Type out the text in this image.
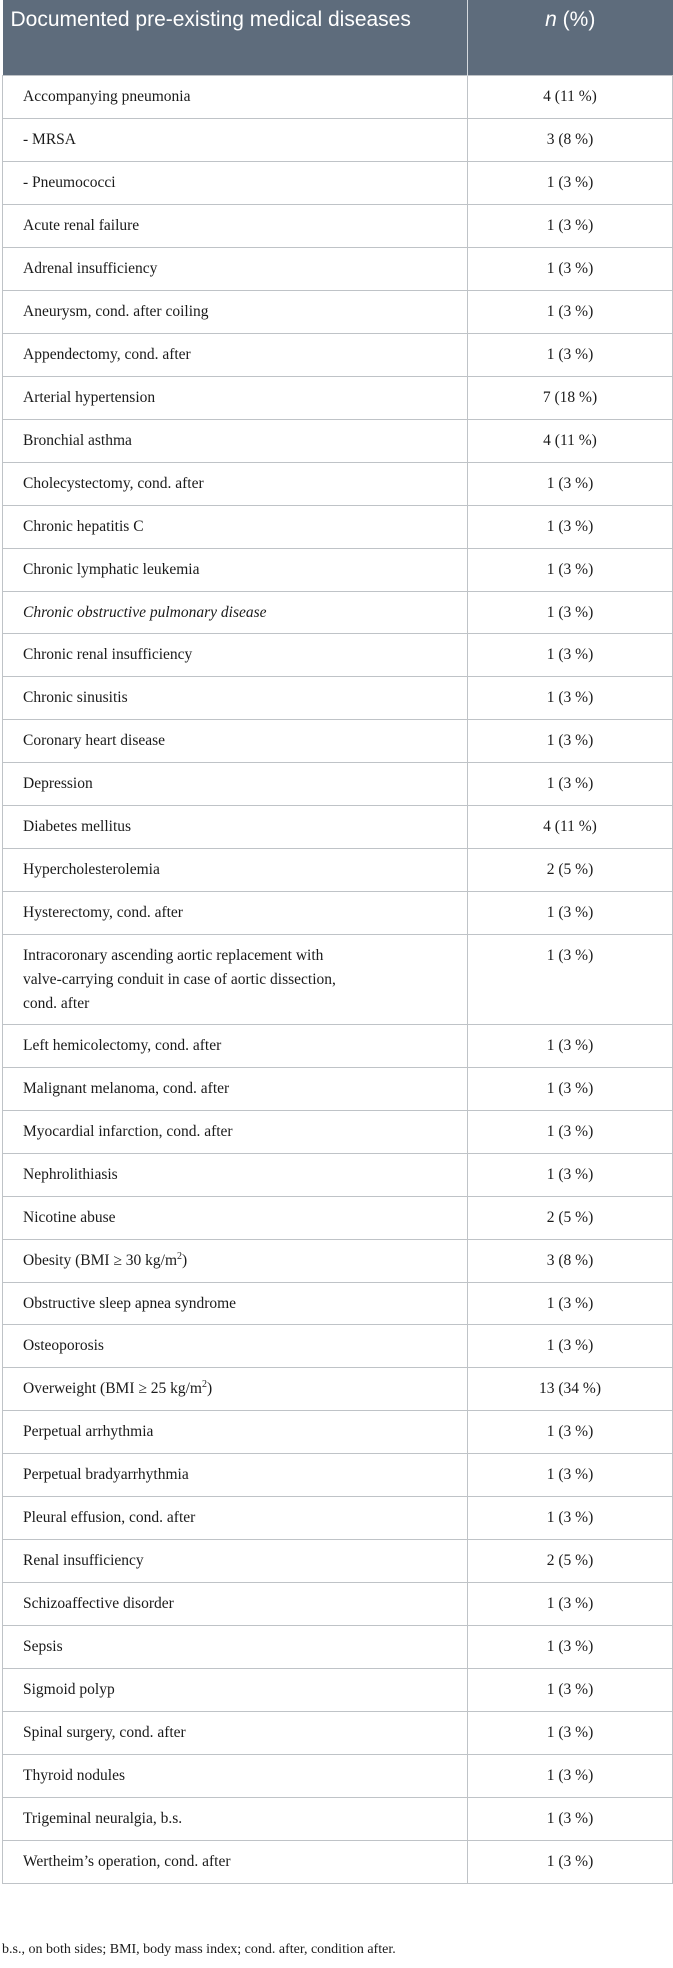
Documented pre-existing medical diseases	n (%)
Accompanying pneumonia	4 (11 %)
- MRSA	3 (8 %)
- Pneumococci	1 (3 %)
Acute renal failure	1 (3 %)
Adrenal insufficiency	1 (3 %)
Aneurysm, cond. after coiling	1 (3 %)
Appendectomy, cond. after	1 (3 %)
Arterial hypertension	7 (18 %)
Bronchial asthma	4 (11 %)
Cholecystectomy, cond. after	1 (3 %)
Chronic hepatitis C	1 (3 %)
Chronic lymphatic leukemia	1 (3 %)
Chronic obstructive pulmonary disease	1 (3 %)
Chronic renal insufficiency	1 (3 %)
Chronic sinusitis	1 (3 %)
Coronary heart disease	1 (3 %)
Depression	1 (3 %)
Diabetes mellitus	4 (11 %)
Hypercholesterolemia	2 (5 %)
Hysterectomy, cond. after	1 (3 %)
Intracoronary ascending aortic replacement with valve-carrying conduit in case of aortic dissection, cond. after	1 (3 %)
Left hemicolectomy, cond. after	1 (3 %)
Malignant melanoma, cond. after	1 (3 %)
Myocardial infarction, cond. after	1 (3 %)
Nephrolithiasis	1 (3 %)
Nicotine abuse	2 (5 %)
Obesity (BMI ≥ 30 $kg/m^2$)	3 (8 %)
Obstructive sleep apnea syndrome	1 (3 %)
Osteoporosis	1 (3 %)
Overweight (BMI ≥ 25 $kg/m^2$)	13 (34 %)
Perpetual arrhythmia	1 (3 %)
Perpetual bradyarrhythmia	1 (3 %)
Pleural effusion, cond. after	1 (3 %)
Renal insufficiency	2 (5 %)
Schizoaffective disorder	1 (3 %)
Sepsis	1 (3 %)
Sigmoid polyp	1 (3 %)
Spinal surgery, cond. after	1 (3 %)
Thyroid nodules	1 (3 %)
Trigeminal neuralgia, b.s.	1 (3 %)
Wertheim’s operation, cond. after	1 (3 %)
b.s., on both sides; BMI, body mass index; cond. after, condition after.
